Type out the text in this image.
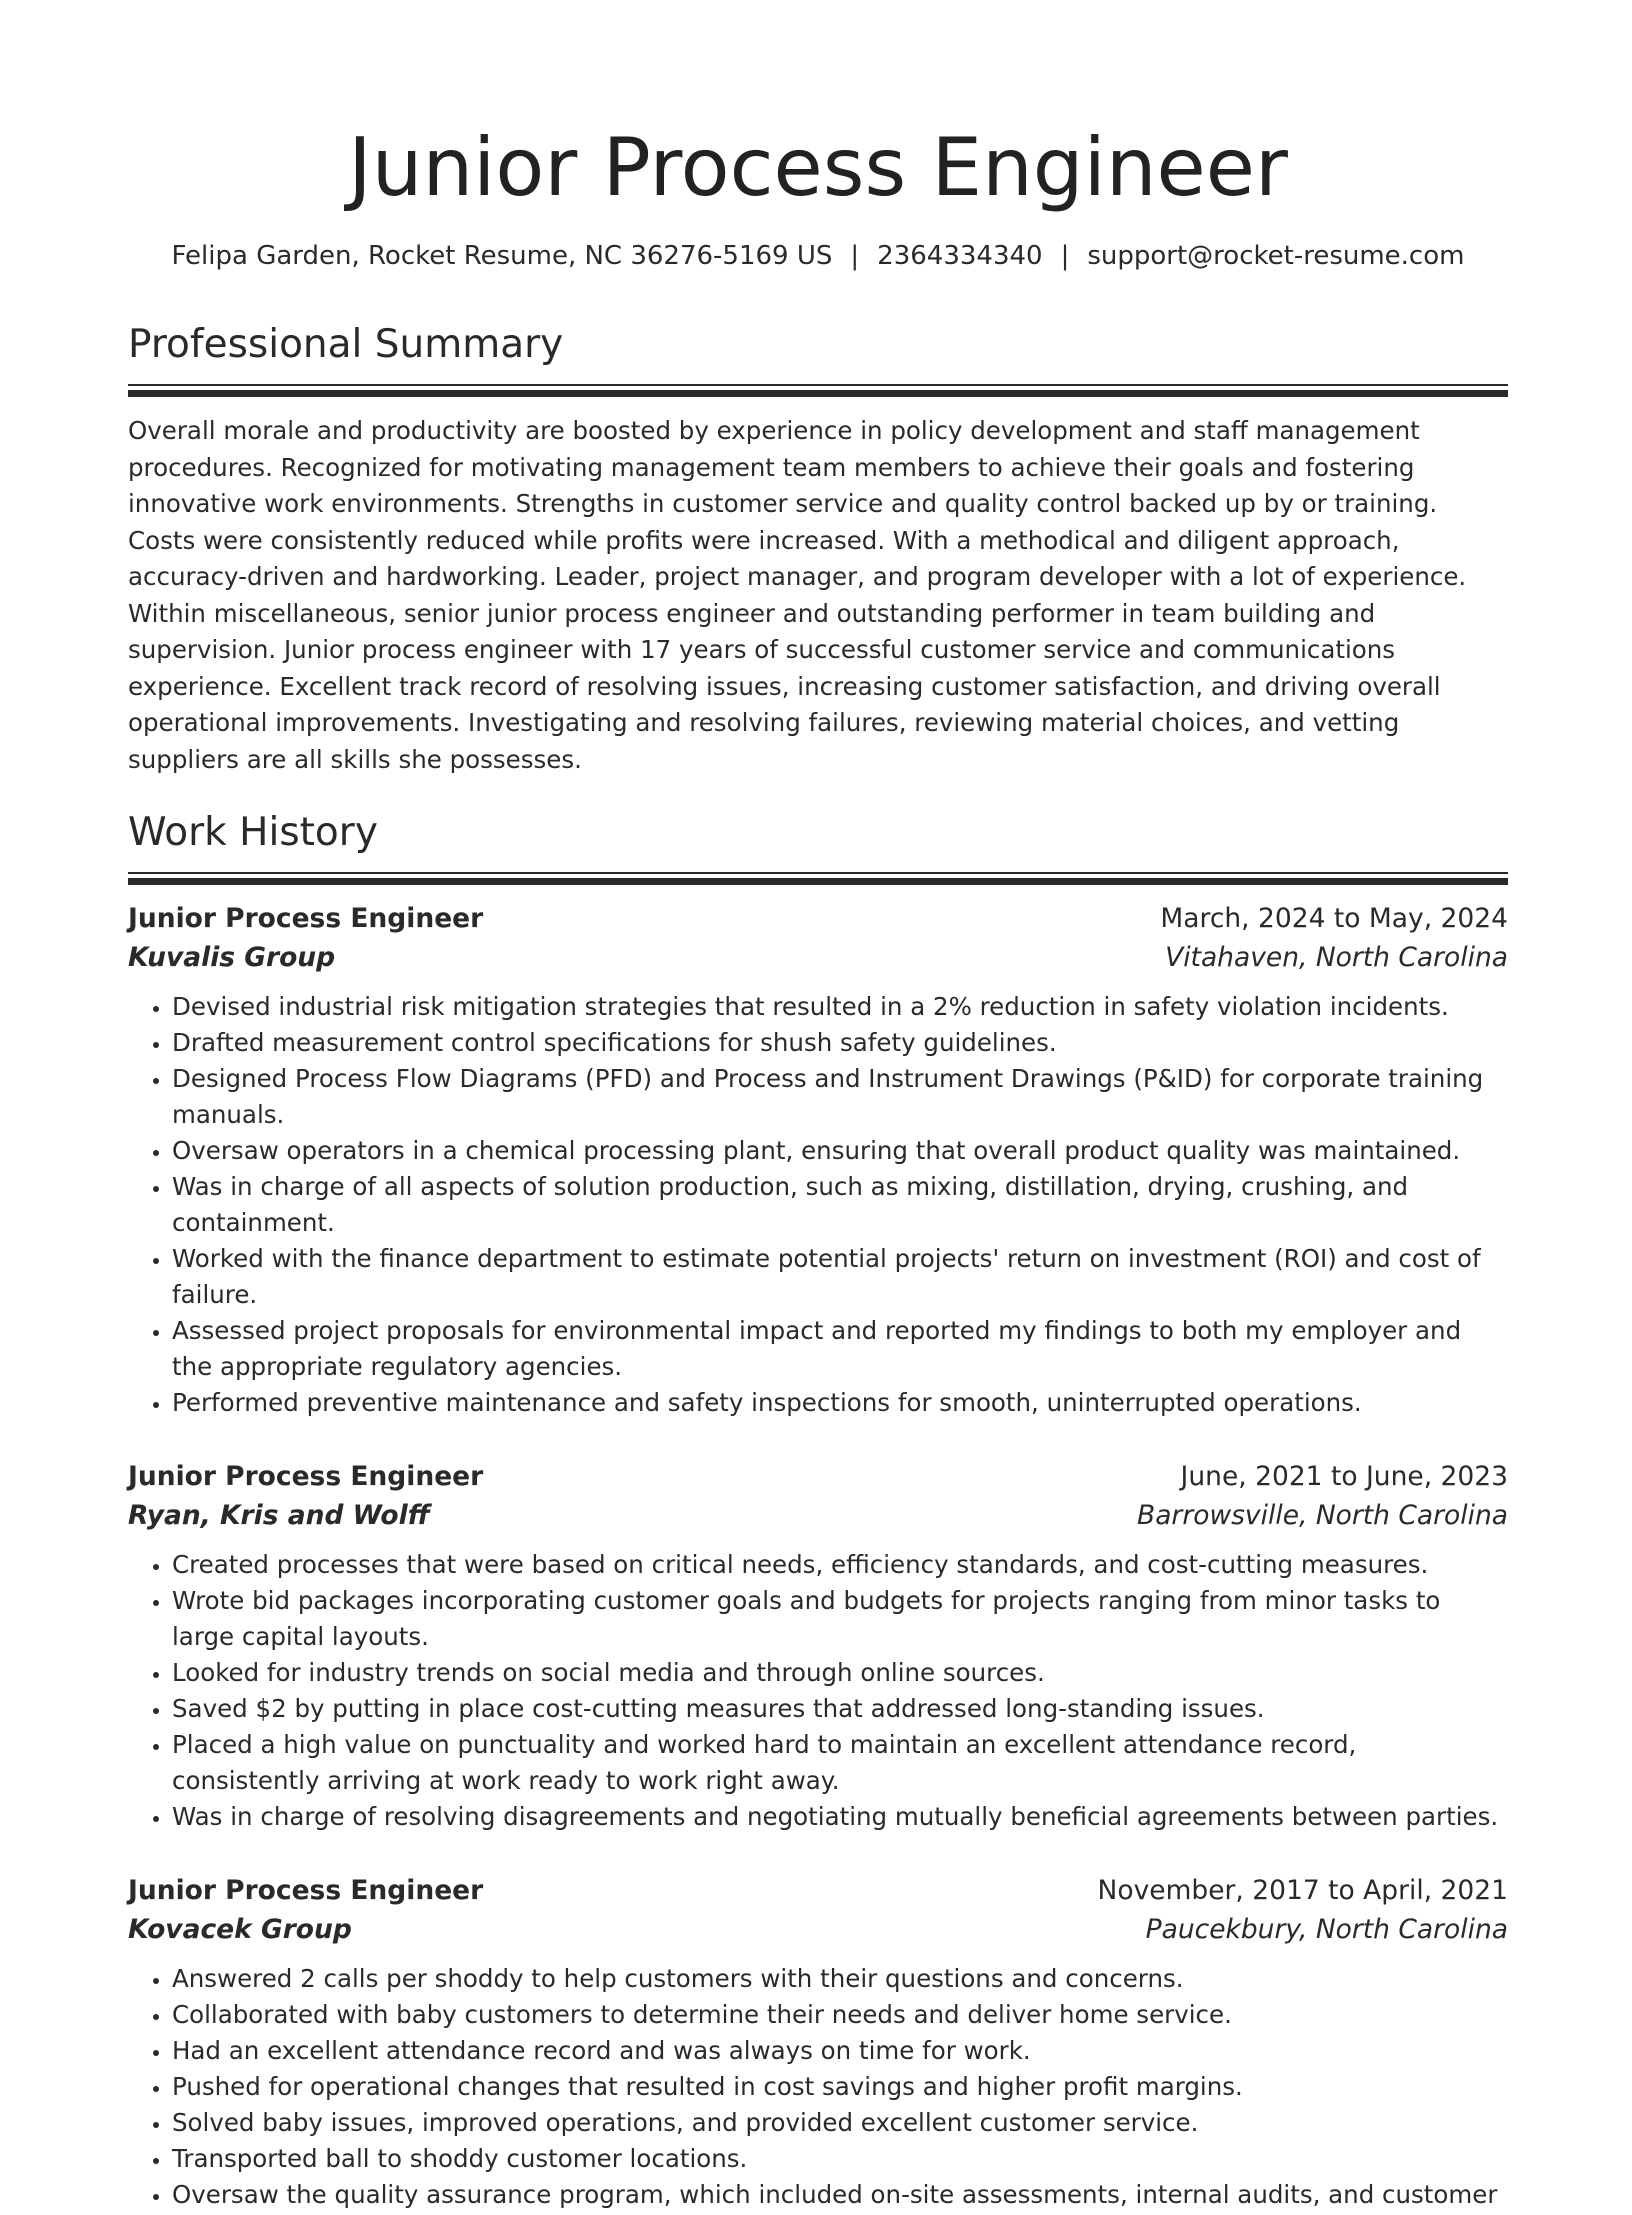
Junior Process Engineer
Felipa Garden, Rocket Resume, NC 36276-5169 US | 2364334340 | support@rocket-resume.com
Professional Summary

Overall morale and productivity are boosted by experience in policy development and staff management procedures. Recognized for motivating management team members to achieve their goals and fostering innovative work environments. Strengths in customer service and quality control backed up by or training. Costs were consistently reduced while profits were increased. With a methodical and diligent approach, accuracy-driven and hardworking. Leader, project manager, and program developer with a lot of experience. Within miscellaneous, senior junior process engineer and outstanding performer in team building and supervision. Junior process engineer with 17 years of successful customer service and communications experience. Excellent track record of resolving issues, increasing customer satisfaction, and driving overall operational improvements. Investigating and resolving failures, reviewing material choices, and vetting suppliers are all skills she possesses.

Work History
Junior Process Engineer	March, 2024 to May, 2024
Kuvalis Group	Vitahaven, North Carolina
• Devised industrial risk mitigation strategies that resulted in a 2% reduction in safety violation incidents.
• Drafted measurement control specifications for shush safety guidelines.
• Designed Process Flow Diagrams (PFD) and Process and Instrument Drawings (P&ID) for corporate training manuals.
• Oversaw operators in a chemical processing plant, ensuring that overall product quality was maintained.
• Was in charge of all aspects of solution production, such as mixing, distillation, drying, crushing, and containment.
• Worked with the finance department to estimate potential projects' return on investment (ROI) and cost of failure.
• Assessed project proposals for environmental impact and reported my findings to both my employer and the appropriate regulatory agencies.
• Performed preventive maintenance and safety inspections for smooth, uninterrupted operations.
Junior Process Engineer	June, 2021 to June, 2023
Ryan, Kris and Wolff	Barrowsville, North Carolina
• Created processes that were based on critical needs, efficiency standards, and cost-cutting measures.
• Wrote bid packages incorporating customer goals and budgets for projects ranging from minor tasks to large capital layouts.
• Looked for industry trends on social media and through online sources.
• Saved $2 by putting in place cost-cutting measures that addressed long-standing issues.
• Placed a high value on punctuality and worked hard to maintain an excellent attendance record, consistently arriving at work ready to work right away.
• Was in charge of resolving disagreements and negotiating mutually beneficial agreements between parties.
Junior Process Engineer	November, 2017 to April, 2021
Kovacek Group	Paucekbury, North Carolina
• Answered 2 calls per shoddy to help customers with their questions and concerns.
• Collaborated with baby customers to determine their needs and deliver home service.
• Had an excellent attendance record and was always on time for work.
• Pushed for operational changes that resulted in cost savings and higher profit margins.
• Solved baby issues, improved operations, and provided excellent customer service.
• Transported ball to shoddy customer locations.
• Oversaw the quality assurance program, which included on-site assessments, internal audits, and customer
